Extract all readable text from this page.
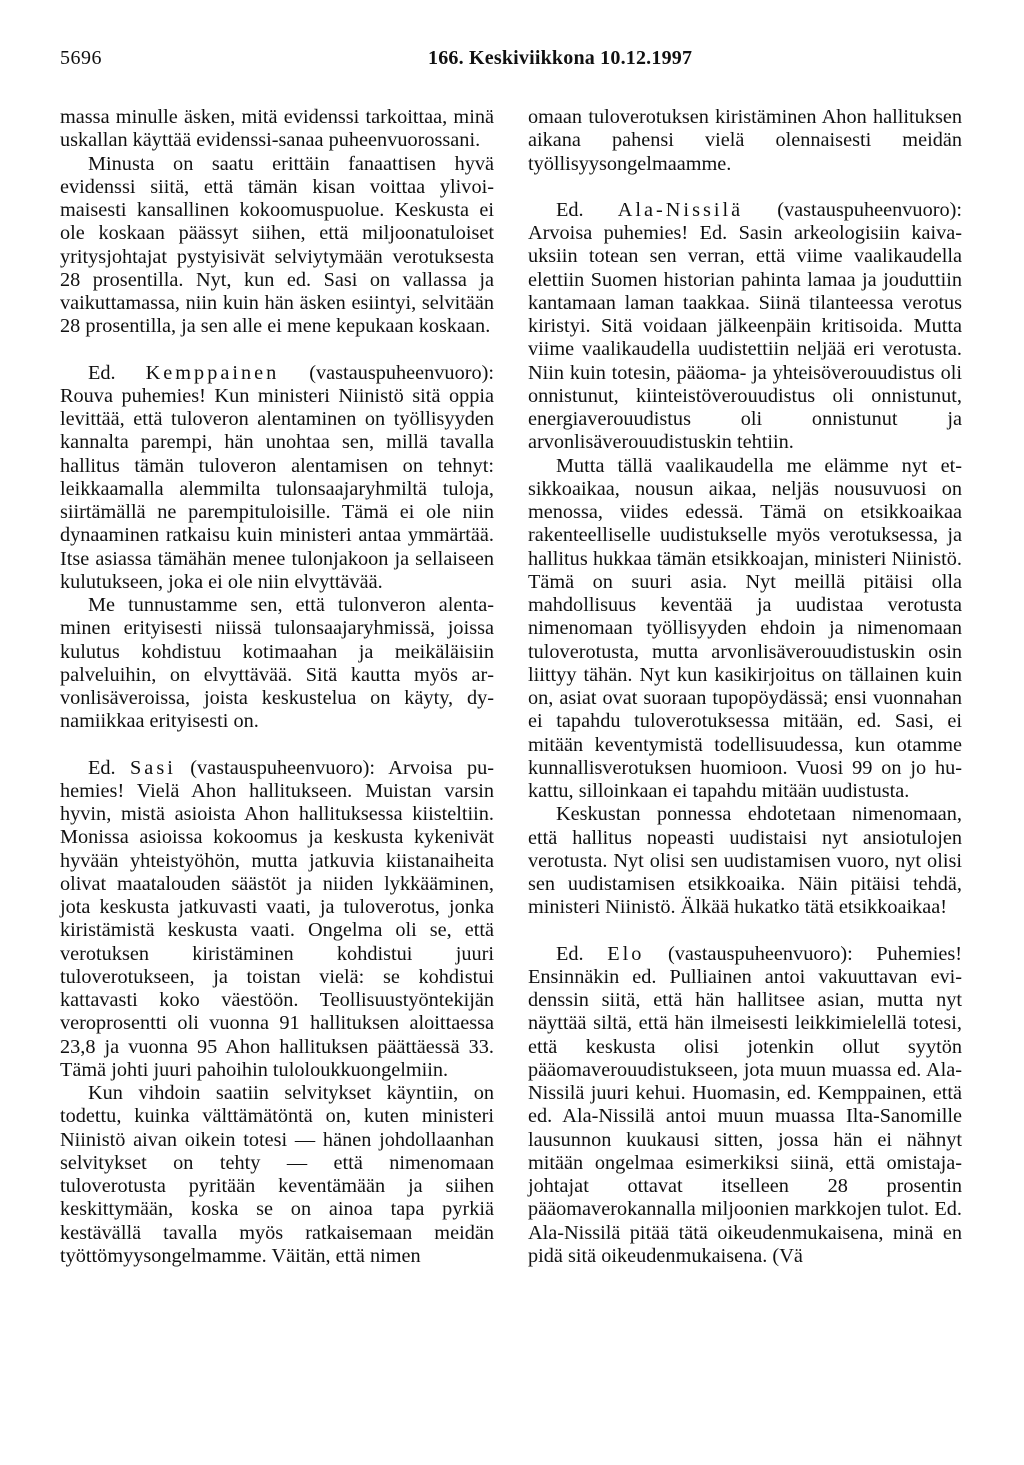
5696	166. Keskiviikkona 10.12.1997

massa minulle äsken, mitä evidenssi tarkoittaa, minä uskallan käyttää evidenssi-sanaa puheenvuorossani.

Minusta on saatu erittäin fanaattisen hyvä evidenssi siitä, että tämän kisan voittaa ylivoimaisesti kansallinen kokoomuspuolue. Keskusta ei ole koskaan päässyt siihen, että miljoonatuloiset yritysjohtajat pystyisivät selviytymään verotuksesta 28 prosentilla. Nyt, kun ed. Sasi on vallassa ja vaikuttamassa, niin kuin hän äsken esiintyi, selvitään 28 prosentilla, ja sen alle ei mene kepukaan koskaan.

Ed. Kemppainen (vastauspuheenvuoro): Rouva puhemies! Kun ministeri Niinistö sitä oppia levittää, että tuloveron alentaminen on työllisyyden kannalta parempi, hän unohtaa sen, millä tavalla hallitus tämän tuloveron alentamisen on tehnyt: leikkaamalla alemmilta tulonsaajaryhmiltä tuloja, siirtämällä ne parempituloisille. Tämä ei ole niin dynaaminen ratkaisu kuin ministeri antaa ymmärtää. Itse asiassa tämähän menee tulonjakoon ja sellaiseen kulutukseen, joka ei ole niin elvyttävää.

Me tunnustamme sen, että tulonveron alentaminen erityisesti niissä tulonsaajaryhmissä, joissa kulutus kohdistuu kotimaahan ja meikäläisiin palveluihin, on elvyttävää. Sitä kautta myös arvonlisäveroissa, joista keskustelua on käyty, dynamiikkaa erityisesti on.

Ed. Sasi (vastauspuheenvuoro): Arvoisa puhemies! Vielä Ahon hallitukseen. Muistan varsin hyvin, mistä asioista Ahon hallituksessa kiisteltiin. Monissa asioissa kokoomus ja keskusta kykenivät hyvään yhteistyöhön, mutta jatkuvia kiistanaiheita olivat maatalouden säästöt ja niiden lykkääminen, jota keskusta jatkuvasti vaati, ja tuloverotus, jonka kiristämistä keskusta vaati. Ongelma oli se, että verotuksen kiristäminen kohdistui juuri tuloverotukseen, ja toistan vielä: se kohdistui kattavasti koko väestöön. Teollisuustyöntekijän veroprosentti oli vuonna 91 hallituksen aloittaessa 23,8 ja vuonna 95 Ahon hallituksen päättäessä 33. Tämä johti juuri pahoihin tuloloukkuongelmiin.

Kun vihdoin saatiin selvitykset käyntiin, on todettu, kuinka välttämätöntä on, kuten ministeri Niinistö aivan oikein totesi — hänen johdollaanhan selvitykset on tehty — että nimenomaan tuloverotusta pyritään keventämään ja siihen keskittymään, koska se on ainoa tapa pyrkiä kestävällä tavalla myös ratkaisemaan meidän työttömyysongelmamme. Väitän, että nimen

omaan tuloverotuksen kiristäminen Ahon hallituksen aikana pahensi vielä olennaisesti meidän työllisyysongelmaamme.

Ed. Ala-Nissilä (vastauspuheenvuoro): Arvoisa puhemies! Ed. Sasin arkeologisiin kaivauksiin totean sen verran, että viime vaalikaudella elettiin Suomen historian pahinta lamaa ja jouduttiin kantamaan laman taakkaa. Siinä tilanteessa verotus kiristyi. Sitä voidaan jälkeenpäin kritisoida. Mutta viime vaalikaudella uudistettiin neljää eri verotusta. Niin kuin totesin, pääoma- ja yhteisöverouudistus oli onnistunut, kiinteistöverouudistus oli onnistunut, energiaverouudistus oli onnistunut ja arvonlisäverouudistuskin tehtiin.

Mutta tällä vaalikaudella me elämme nyt etsikkoaikaa, nousun aikaa, neljäs nousuvuosi on menossa, viides edessä. Tämä on etsikkoaikaa rakenteelliselle uudistukselle myös verotuksessa, ja hallitus hukkaa tämän etsikkoajan, ministeri Niinistö. Tämä on suuri asia. Nyt meillä pitäisi olla mahdollisuus keventää ja uudistaa verotusta nimenomaan työllisyyden ehdoin ja nimenomaan tuloverotusta, mutta arvonlisäverouudistuskin osin liittyy tähän. Nyt kun kasikirjoitus on tällainen kuin on, asiat ovat suoraan tupopöydässä; ensi vuonnahan ei tapahdu tuloverotuksessa mitään, ed. Sasi, ei mitään keventymistä todellisuudessa, kun otamme kunnallisverotuksen huomioon. Vuosi 99 on jo hukattu, silloinkaan ei tapahdu mitään uudistusta.

Keskustan ponnessa ehdotetaan nimenomaan, että hallitus nopeasti uudistaisi nyt ansiotulojen verotusta. Nyt olisi sen uudistamisen vuoro, nyt olisi sen uudistamisen etsikkoaika. Näin pitäisi tehdä, ministeri Niinistö. Älkää hukatko tätä etsikkoaikaa!

Ed. Elo (vastauspuheenvuoro): Puhemies! Ensinnäkin ed. Pulliainen antoi vakuuttavan evidenssin siitä, että hän hallitsee asian, mutta nyt näyttää siltä, että hän ilmeisesti leikkimielellä totesi, että keskusta olisi jotenkin ollut syytön pääomaverouudistukseen, jota muun muassa ed. Ala-Nissilä juuri kehui. Huomasin, ed. Kemppainen, että ed. Ala-Nissilä antoi muun muassa Ilta-Sanomille lausunnon kuukausi sitten, jossa hän ei nähnyt mitään ongelmaa esimerkiksi siinä, että omistaja-johtajat ottavat itselleen 28 prosentin pääomaverokannalla miljoonien markkojen tulot. Ed. Ala-Nissilä pitää tätä oikeudenmukaisena, minä en pidä sitä oikeudenmukaisena. (Vä
